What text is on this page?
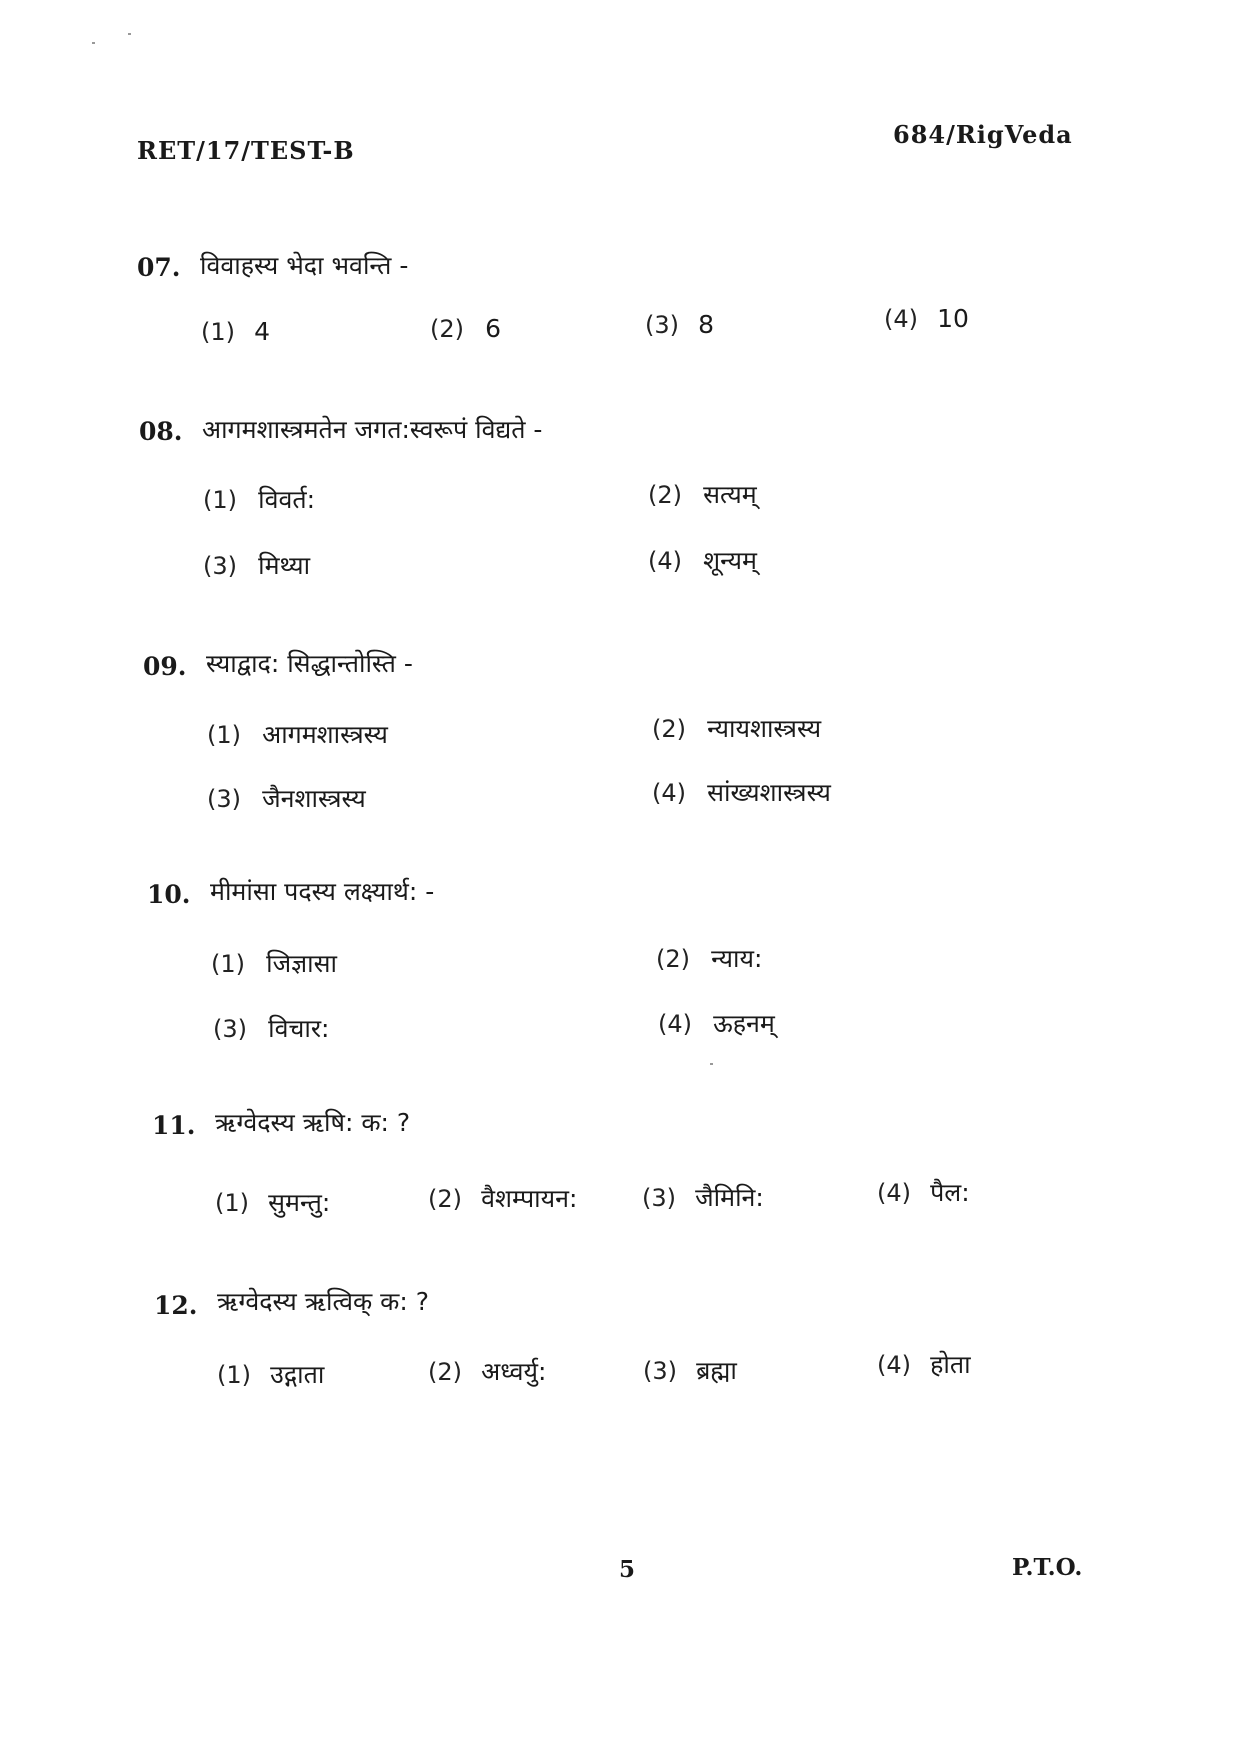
RET/17/TEST-B
684/RigVeda
07. विवाहस्य भेदा भवन्ति -
(1) 4	(2) 6	(3) 8	(4) 10
08. आगमशास्त्रमतेन जगत:स्वरूपं विद्यते -
(1) विवर्त:	(2) सत्यम्
(3) मिथ्या	(4) शून्यम्
09. स्याद्वाद: सिद्धान्तोस्ति -
(1) आगमशास्त्रस्य	(2) न्यायशास्त्रस्य
(3) जैनशास्त्रस्य	(4) सांख्यशास्त्रस्य
10. मीमांसा पदस्य लक्ष्यार्थ: -
(1) जिज्ञासा	(2) न्याय:
(3) विचार:	(4) ऊहनम्
11. ऋग्वेदस्य ऋषि: क: ?
(1) सुमन्तु:	(2) वैशम्पायन:	(3) जैमिनि:	(4) पैल:
12. ऋग्वेदस्य ऋत्विक् क: ?
(1) उद्गाता	(2) अध्वर्यु:	(3) ब्रह्मा	(4) होता
5	P.T.O.
